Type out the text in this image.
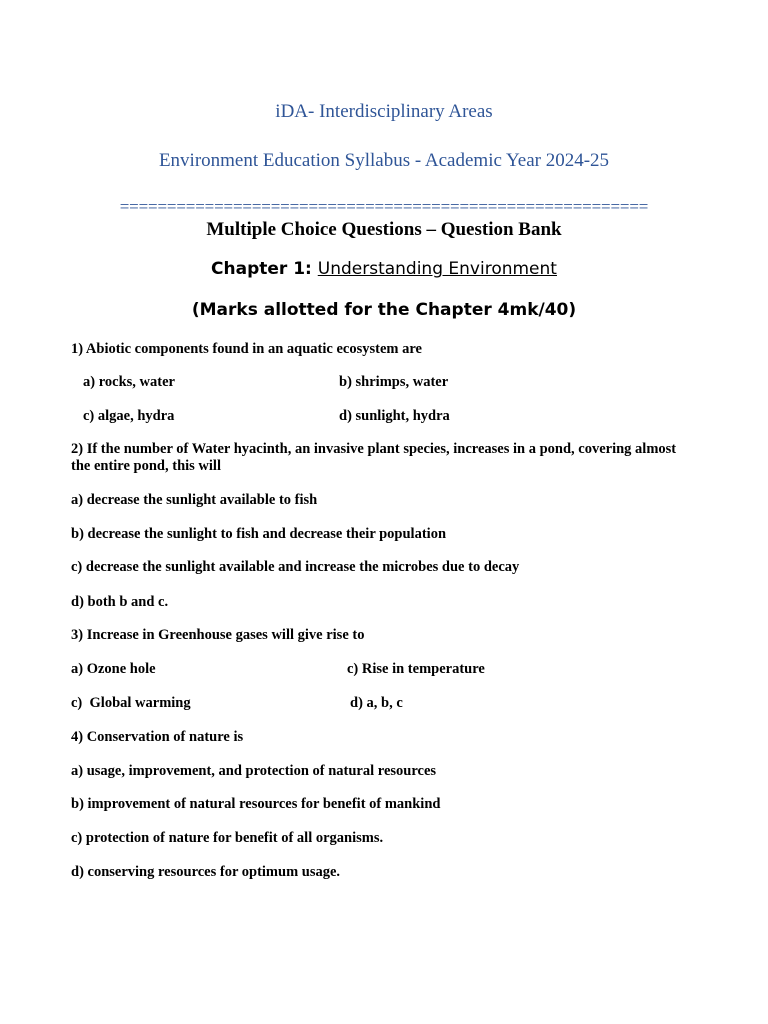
iDA- Interdisciplinary Areas
Environment Education Syllabus - Academic Year 2024-25
========================================================
Multiple Choice Questions – Question Bank
Chapter 1: Understanding Environment
(Marks allotted for the Chapter 4mk/40)
1) Abiotic components found in an aquatic ecosystem are
a) rocks, water	b) shrimps, water
c) algae, hydra	d) sunlight, hydra
2) If the number of Water hyacinth, an invasive plant species, increases in a pond, covering almost the entire pond, this will
a) decrease the sunlight available to fish
b) decrease the sunlight to fish and decrease their population
c) decrease the sunlight available and increase the microbes due to decay
d) both b and c.
3) Increase in Greenhouse gases will give rise to
a) Ozone hole	c) Rise in temperature
c)  Global warming	d) a, b, c
4) Conservation of nature is
a) usage, improvement, and protection of natural resources
b) improvement of natural resources for benefit of mankind
c) protection of nature for benefit of all organisms.
d) conserving resources for optimum usage.
